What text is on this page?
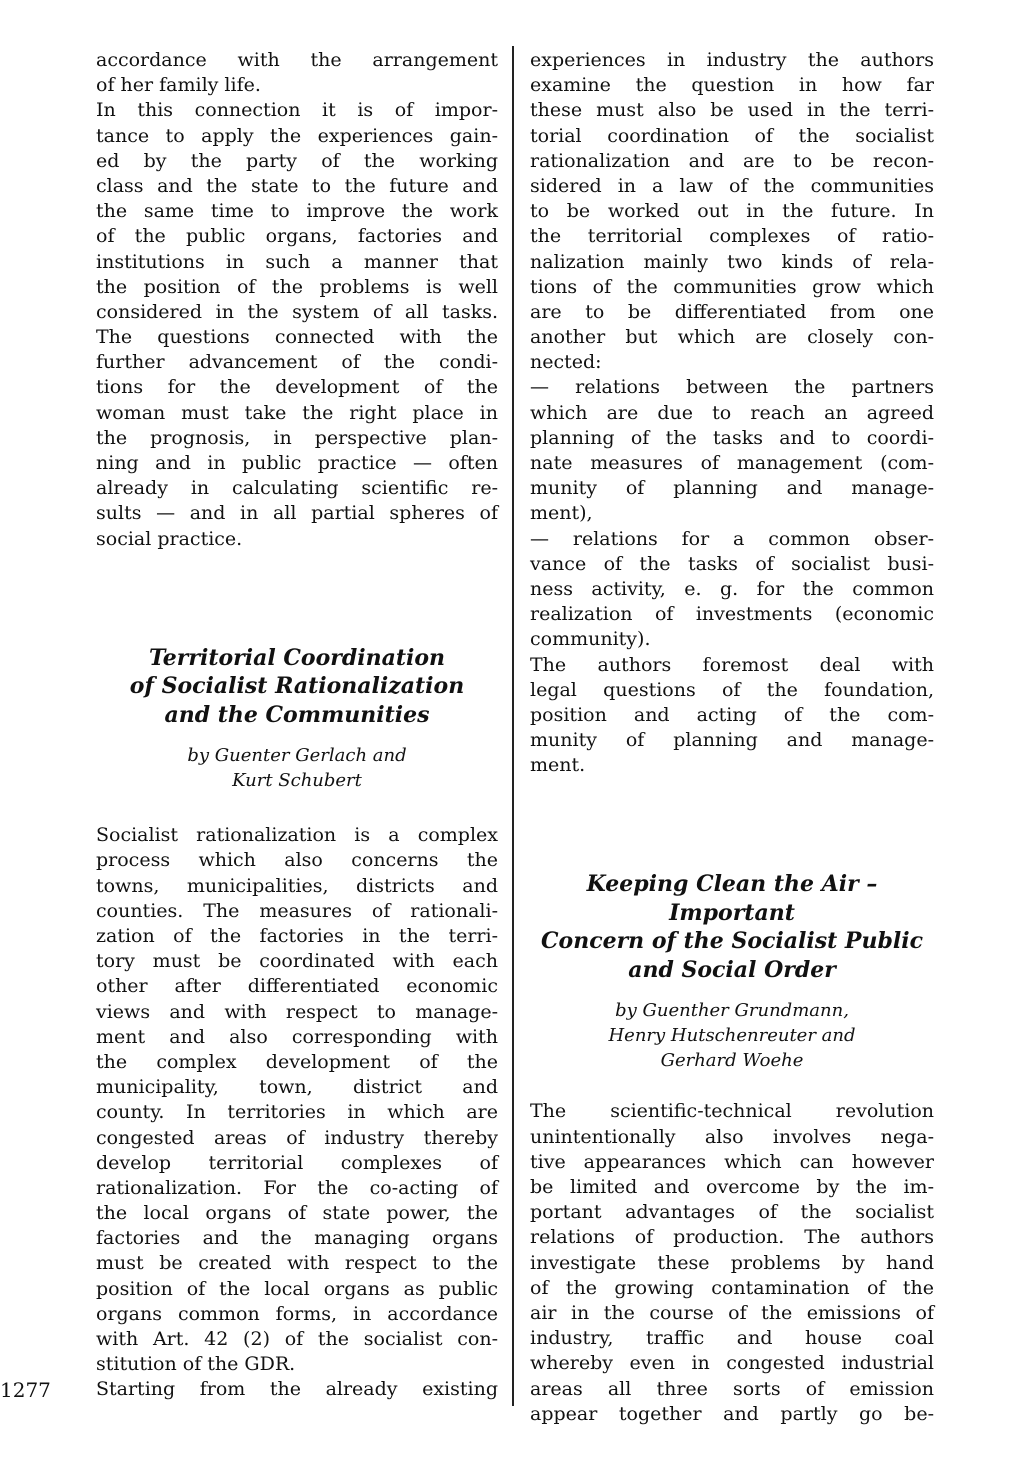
accordance with the arrangement
of her family life.
In this connection it is of impor-
tance to apply the experiences gain-
ed by the party of the working
class and the state to the future and
the same time to improve the work
of the public organs, factories and
institutions in such a manner that
the position of the problems is well
considered in the system of all tasks.
The questions connected with the
further advancement of the condi-
tions for the development of the
woman must take the right place in
the prognosis, in perspective plan-
ning and in public practice — often
already in calculating scientific re-
sults — and in all partial spheres of
social practice.

Territorial Coordination
of Socialist Rationalization
and the Communities

by Guenter Gerlach and
Kurt Schubert

Socialist rationalization is a complex
process which also concerns the
towns, municipalities, districts and
counties. The measures of rationali-
zation of the factories in the terri-
tory must be coordinated with each
other after differentiated economic
views and with respect to manage-
ment and also corresponding with
the complex development of the
municipality, town, district and
county. In territories in which are
congested areas of industry thereby
develop territorial complexes of
rationalization. For the co-acting of
the local organs of state power, the
factories and the managing organs
must be created with respect to the
position of the local organs as public
organs common forms, in accordance
with Art. 42 (2) of the socialist con-
stitution of the GDR.
Starting from the already existing
experiences in industry the authors
examine the question in how far
these must also be used in the terri-
torial coordination of the socialist
rationalization and are to be recon-
sidered in a law of the communities
to be worked out in the future. In
the territorial complexes of ratio-
nalization mainly two kinds of rela-
tions of the communities grow which
are to be differentiated from one
another but which are closely con-
nected:
— relations between the partners
which are due to reach an agreed
planning of the tasks and to coordi-
nate measures of management (com-
munity of planning and manage-
ment),
— relations for a common obser-
vance of the tasks of socialist busi-
ness activity, e. g. for the common
realization of investments (economic
community).
The authors foremost deal with
legal questions of the foundation,
position and acting of the com-
munity of planning and manage-
ment.

Keeping Clean the Air – Important
Concern of the Socialist Public
and Social Order

by Guenther Grundmann,
Henry Hutschenreuter and
Gerhard Woehe

The scientific-technical revolution
unintentionally also involves nega-
tive appearances which can however
be limited and overcome by the im-
portant advantages of the socialist
relations of production. The authors
investigate these problems by hand
of the growing contamination of the
air in the course of the emissions of
industry, traffic and house coal
whereby even in congested industrial
areas all three sorts of emission
appear together and partly go be-
1277
